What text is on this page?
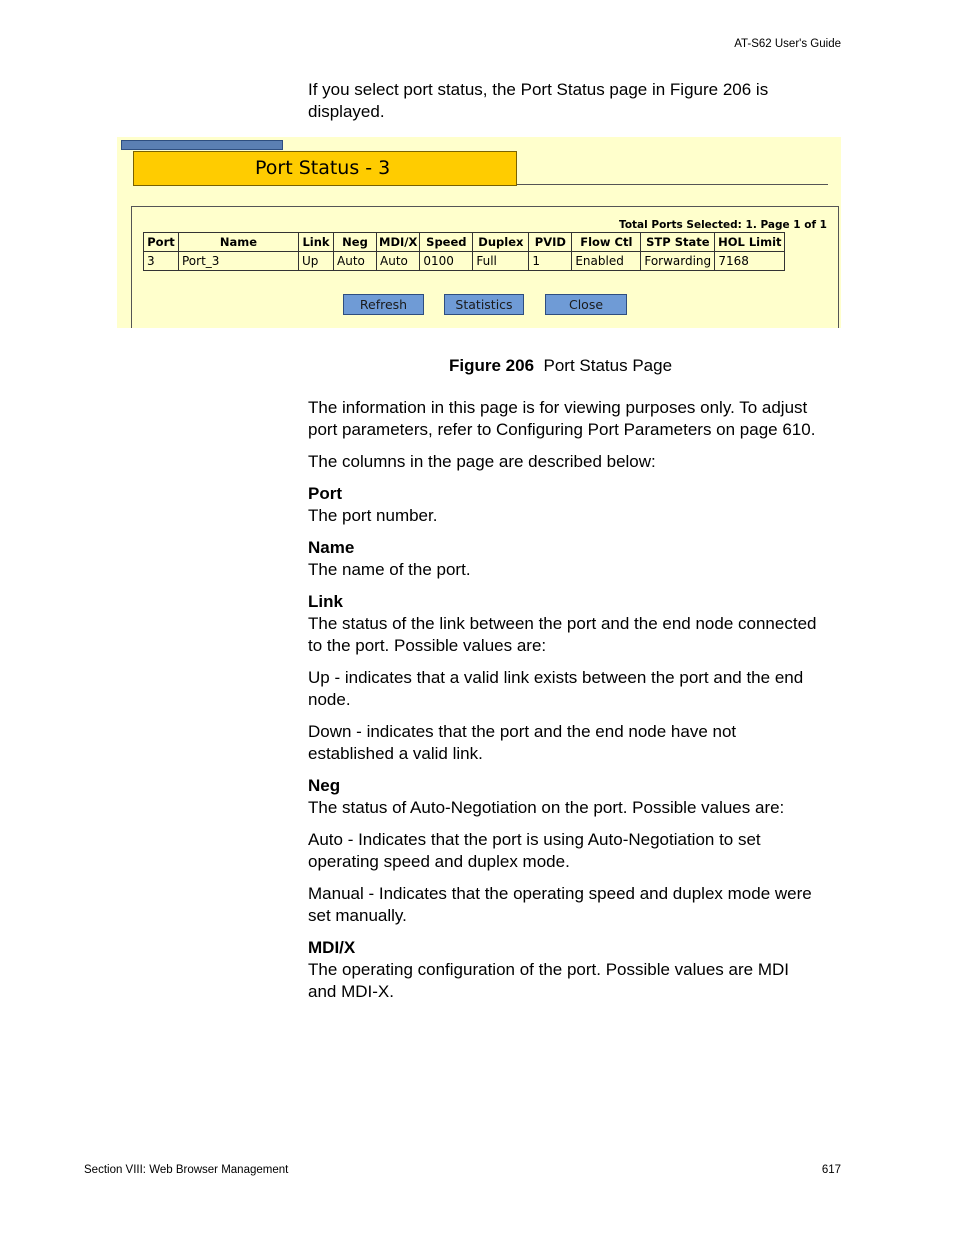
AT-S62 User's Guide
If you select port status, the Port Status page in Figure 206 is displayed.
Port Status - 3
Total Ports Selected: 1. Page 1 of 1
Port	Name	Link	Neg	MDI/X	Speed	Duplex	PVID	Flow Ctl	STP State	HOL Limit
3	Port_3	Up	Auto	Auto	0100	Full	1	Enabled	Forwarding	7168
Refresh	Statistics	Close
Figure 206 Port Status Page

The information in this page is for viewing purposes only. To adjust port parameters, refer to Configuring Port Parameters on page 610.

The columns in the page are described below:

Port

The port number.

Name

The name of the port.

Link

The status of the link between the port and the end node connected to the port. Possible values are:

Up - indicates that a valid link exists between the port and the end node.

Down - indicates that the port and the end node have not established a valid link.

Neg

The status of Auto-Negotiation on the port. Possible values are:

Auto - Indicates that the port is using Auto-Negotiation to set operating speed and duplex mode.

Manual - Indicates that the operating speed and duplex mode were set manually.

MDI/X

The operating configuration of the port. Possible values are MDI and MDI-X.

Section VIII: Web Browser Management	617
